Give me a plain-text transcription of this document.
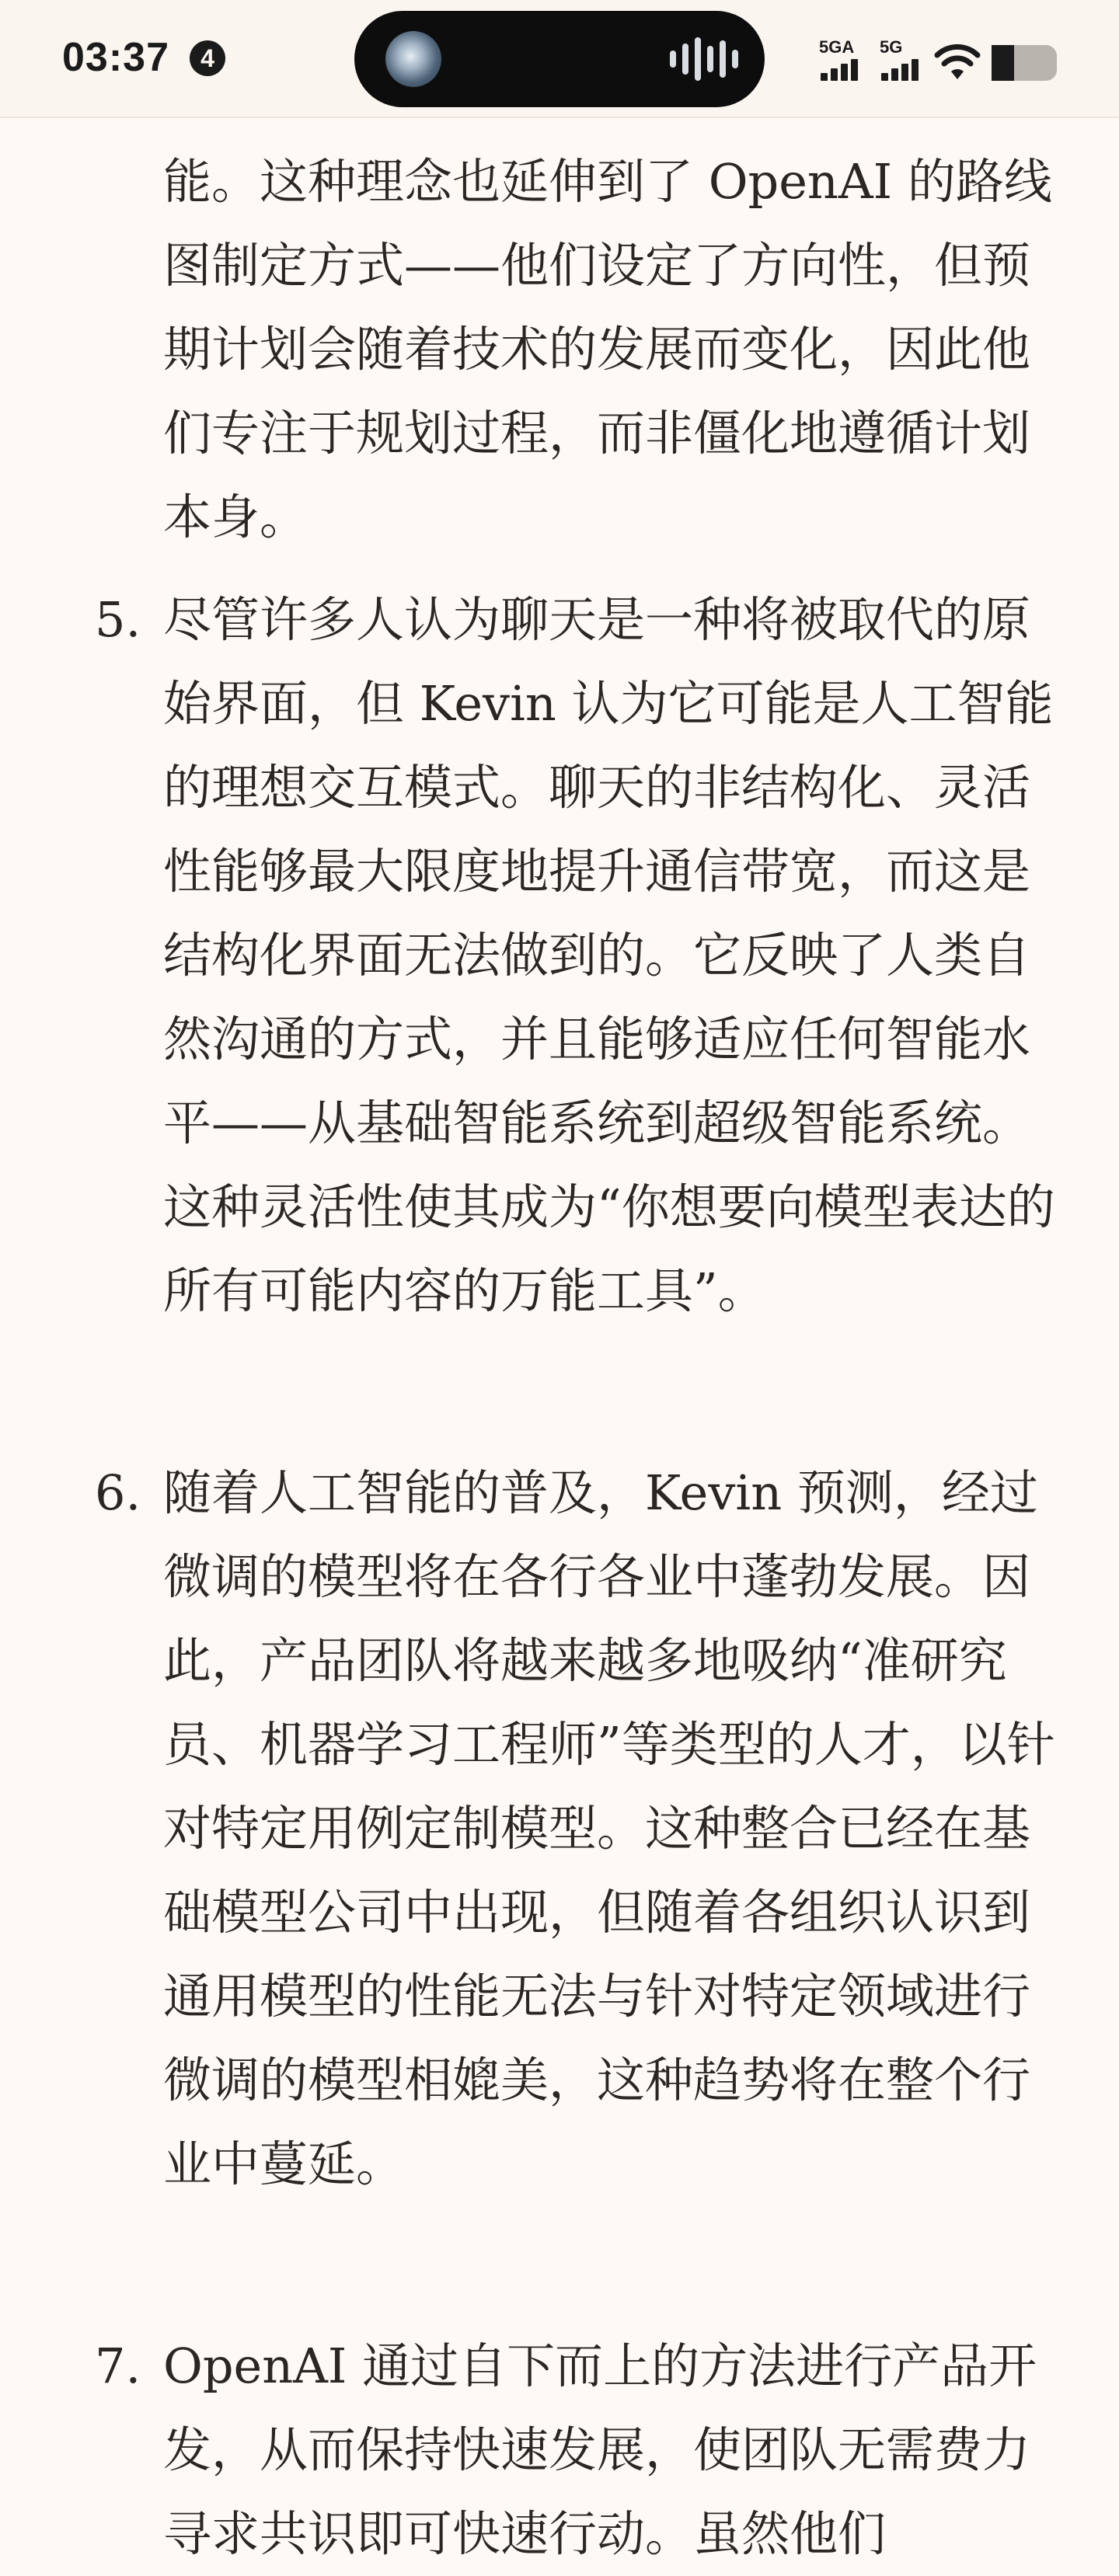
03:37	4	5GA 5G

能。这种理念也延伸到了 OpenAI 的路线图制定方式——他们设定了方向性，但预期计划会随着技术的发展而变化，因此他们专注于规划过程，而非僵化地遵循计划本身。

5. 尽管许多人认为聊天是一种将被取代的原始界面，但 Kevin 认为它可能是人工智能的理想交互模式。聊天的非结构化、灵活性能够最大限度地提升通信带宽，而这是结构化界面无法做到的。它反映了人类自然沟通的方式，并且能够适应任何智能水平——从基础智能系统到超级智能系统。这种灵活性使其成为“你想要向模型表达的所有可能内容的万能工具”。

6. 随着人工智能的普及，Kevin 预测，经过微调的模型将在各行各业中蓬勃发展。因此，产品团队将越来越多地吸纳“准研究员、机器学习工程师”等类型的人才，以针对特定用例定制模型。这种整合已经在基础模型公司中出现，但随着各组织认识到通用模型的性能无法与针对特定领域进行微调的模型相媲美，这种趋势将在整个行业中蔓延。

7. OpenAI 通过自下而上的方法进行产品开发，从而保持快速发展，使团队无需费力寻求共识即可快速行动。虽然他们
